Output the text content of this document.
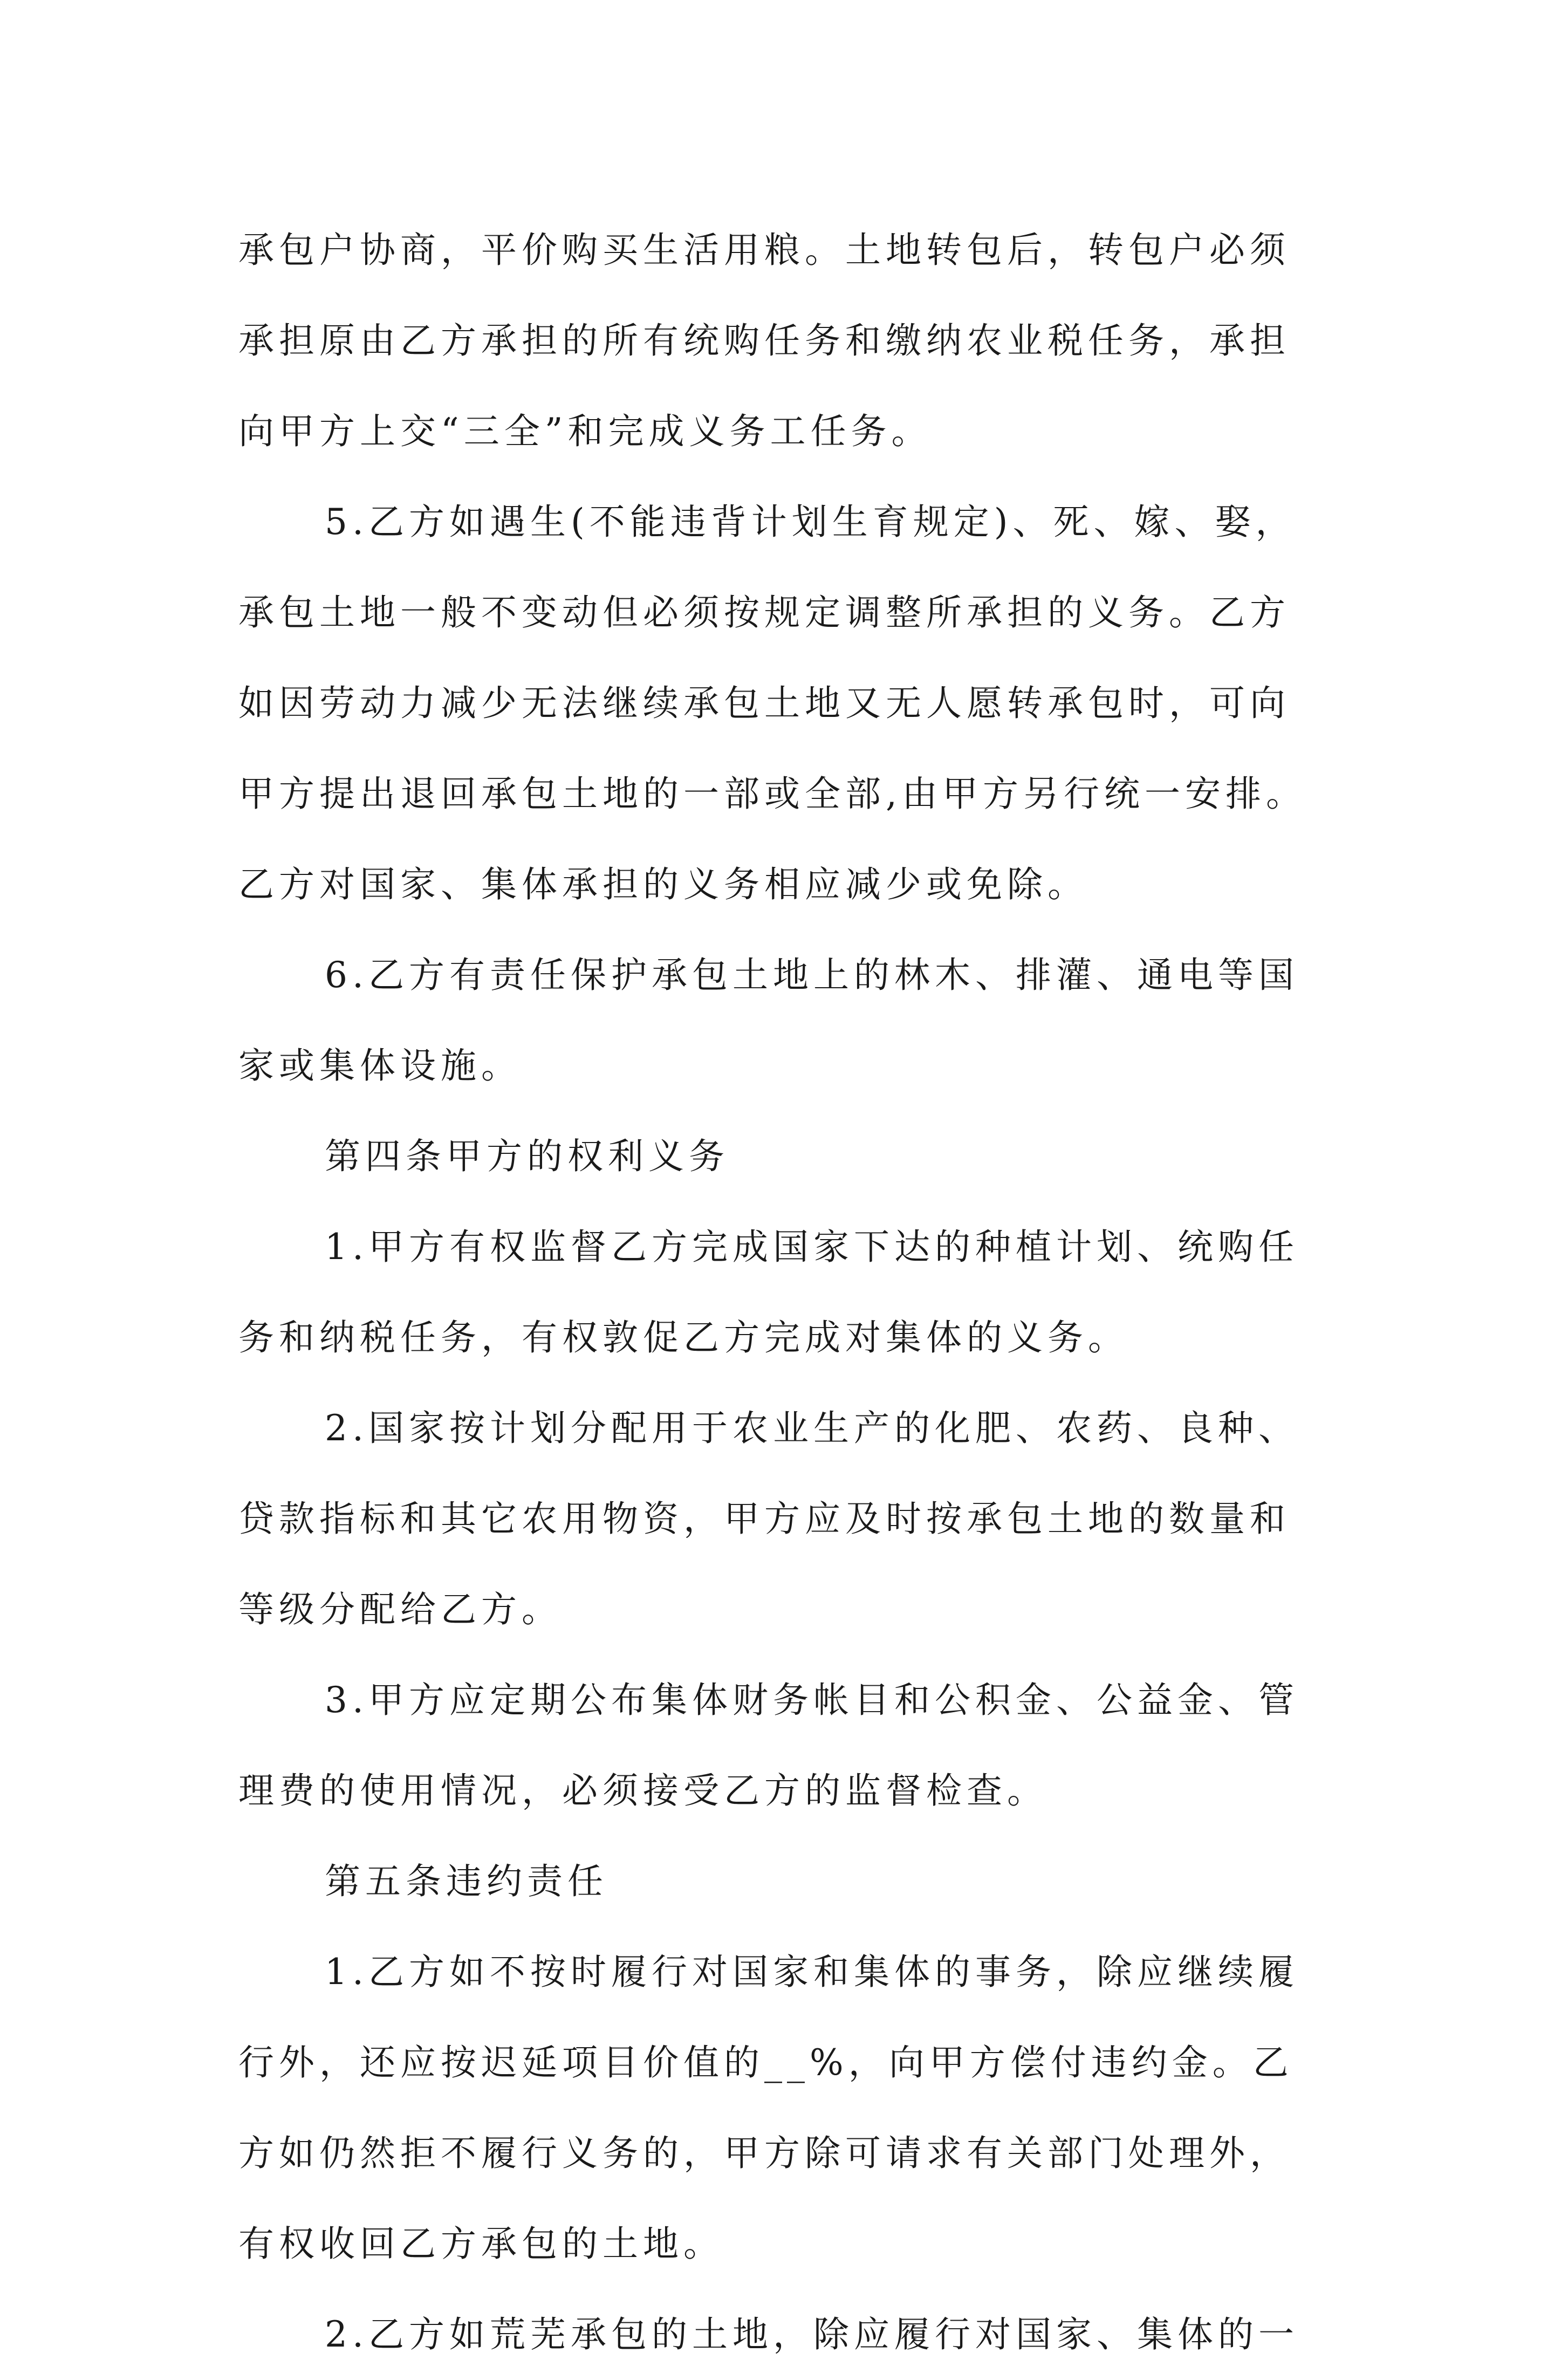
承包户协商，平价购买生活用粮。土地转包后，转包户必须
承担原由乙方承担的所有统购任务和缴纳农业税任务，承担
向甲方上交“三全”和完成义务工任务。
5.乙方如遇生(不能违背计划生育规定)、死、嫁、娶，
承包土地一般不变动但必须按规定调整所承担的义务。乙方
如因劳动力减少无法继续承包土地又无人愿转承包时，可向
甲方提出退回承包土地的一部或全部,由甲方另行统一安排。
乙方对国家、集体承担的义务相应减少或免除。
6.乙方有责任保护承包土地上的林木、排灌、通电等国
家或集体设施。
第四条甲方的权利义务
1.甲方有权监督乙方完成国家下达的种植计划、统购任
务和纳税任务，有权敦促乙方完成对集体的义务。
2.国家按计划分配用于农业生产的化肥、农药、良种、
贷款指标和其它农用物资，甲方应及时按承包土地的数量和
等级分配给乙方。
3.甲方应定期公布集体财务帐目和公积金、公益金、管
理费的使用情况，必须接受乙方的监督检查。
第五条违约责任
1.乙方如不按时履行对国家和集体的事务，除应继续履
行外，还应按迟延项目价值的__%，向甲方偿付违约金。乙
方如仍然拒不履行义务的，甲方除可请求有关部门处理外，
有权收回乙方承包的土地。
2.乙方如荒芜承包的土地，除应履行对国家、集体的一
